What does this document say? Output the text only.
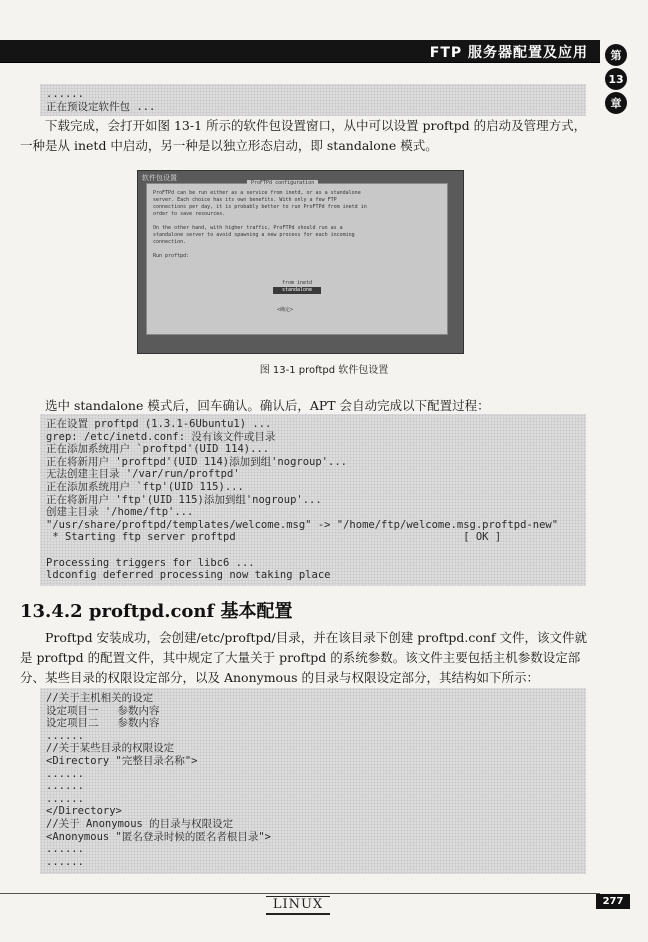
FTP 服务器配置及应用	第
13
章
......
正在预设定软件包 ...
下载完成，会打开如图 13-1 所示的软件包设置窗口，从中可以设置 proftpd 的启动及管理方式，一种是从 inetd 中启动，另一种是以独立形态启动，即 standalone 模式。
软件包设置
ProFTPd configuration
ProFTPd can be run either as a service from inetd, or as a standalone
server. Each choice has its own benefits. With only a few FTP
connections per day, it is probably better to run ProFTPd from inetd in
order to save resources.

On the other hand, with higher traffic, ProFTPd should run as a
standalone server to avoid spawning a new process for each incoming
connection.

Run proftpd:
from inetd
standalone
<确定>
图 13-1 proftpd 软件包设置
选中 standalone 模式后，回车确认。确认后，APT 会自动完成以下配置过程：
正在设置 proftpd (1.3.1-6Ubuntu1) ...
grep: /etc/inetd.conf: 没有该文件或目录
正在添加系统用户 `proftpd'(UID 114)...
正在将新用户 'proftpd'(UID 114)添加到组'nogroup'...
无法创建主目录 '/var/run/proftpd'
正在添加系统用户 `ftp'(UID 115)...
正在将新用户 'ftp'(UID 115)添加到组'nogroup'...
创建主目录 '/home/ftp'...
"/usr/share/proftpd/templates/welcome.msg" -> "/home/ftp/welcome.msg.proftpd-new"
* Starting ftp server proftpd                                    [ OK ]
Processing triggers for libc6 ...
ldconfig deferred processing now taking place
13.4.2 proftpd.conf 基本配置
Proftpd 安装成功，会创建/etc/proftpd/目录，并在该目录下创建 proftpd.conf 文件，该文件就是 proftpd 的配置文件，其中规定了大量关于 proftpd 的系统参数。该文件主要包括主机参数设定部分、某些目录的权限设定部分，以及 Anonymous 的目录与权限设定部分，其结构如下所示：
//关于主机相关的设定
设定项目一   参数内容
设定项目二   参数内容
......
//关于某些目录的权限设定
<Directory "完整目录名称">
......
......
......
</Directory>
//关于 Anonymous 的目录与权限设定
<Anonymous "匿名登录时候的匿名者根目录">
......
......
LINUX	277
